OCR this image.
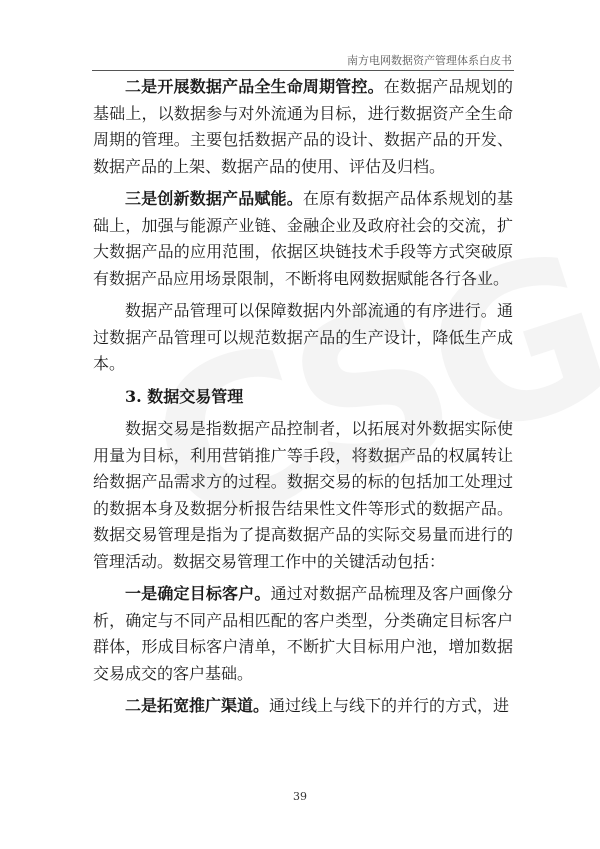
南方电网数据资产管理体系白皮书

二是开展数据产品全生命周期管控。在数据产品规划的基础上，以数据参与对外流通为目标，进行数据资产全生命周期的管理。主要包括数据产品的设计、数据产品的开发、数据产品的上架、数据产品的使用、评估及归档。

三是创新数据产品赋能。在原有数据产品体系规划的基础上，加强与能源产业链、金融企业及政府社会的交流，扩大数据产品的应用范围，依据区块链技术手段等方式突破原有数据产品应用场景限制，不断将电网数据赋能各行各业。

数据产品管理可以保障数据内外部流通的有序进行。通过数据产品管理可以规范数据产品的生产设计，降低生产成本。

3. 数据交易管理

数据交易是指数据产品控制者，以拓展对外数据实际使用量为目标，利用营销推广等手段，将数据产品的权属转让给数据产品需求方的过程。数据交易的标的包括加工处理过的数据本身及数据分析报告结果性文件等形式的数据产品。数据交易管理是指为了提高数据产品的实际交易量而进行的管理活动。数据交易管理工作中的关键活动包括：

一是确定目标客户。通过对数据产品梳理及客户画像分析，确定与不同产品相匹配的客户类型，分类确定目标客户群体，形成目标客户清单，不断扩大目标用户池，增加数据交易成交的客户基础。

二是拓宽推广渠道。通过线上与线下的并行的方式，进

39
